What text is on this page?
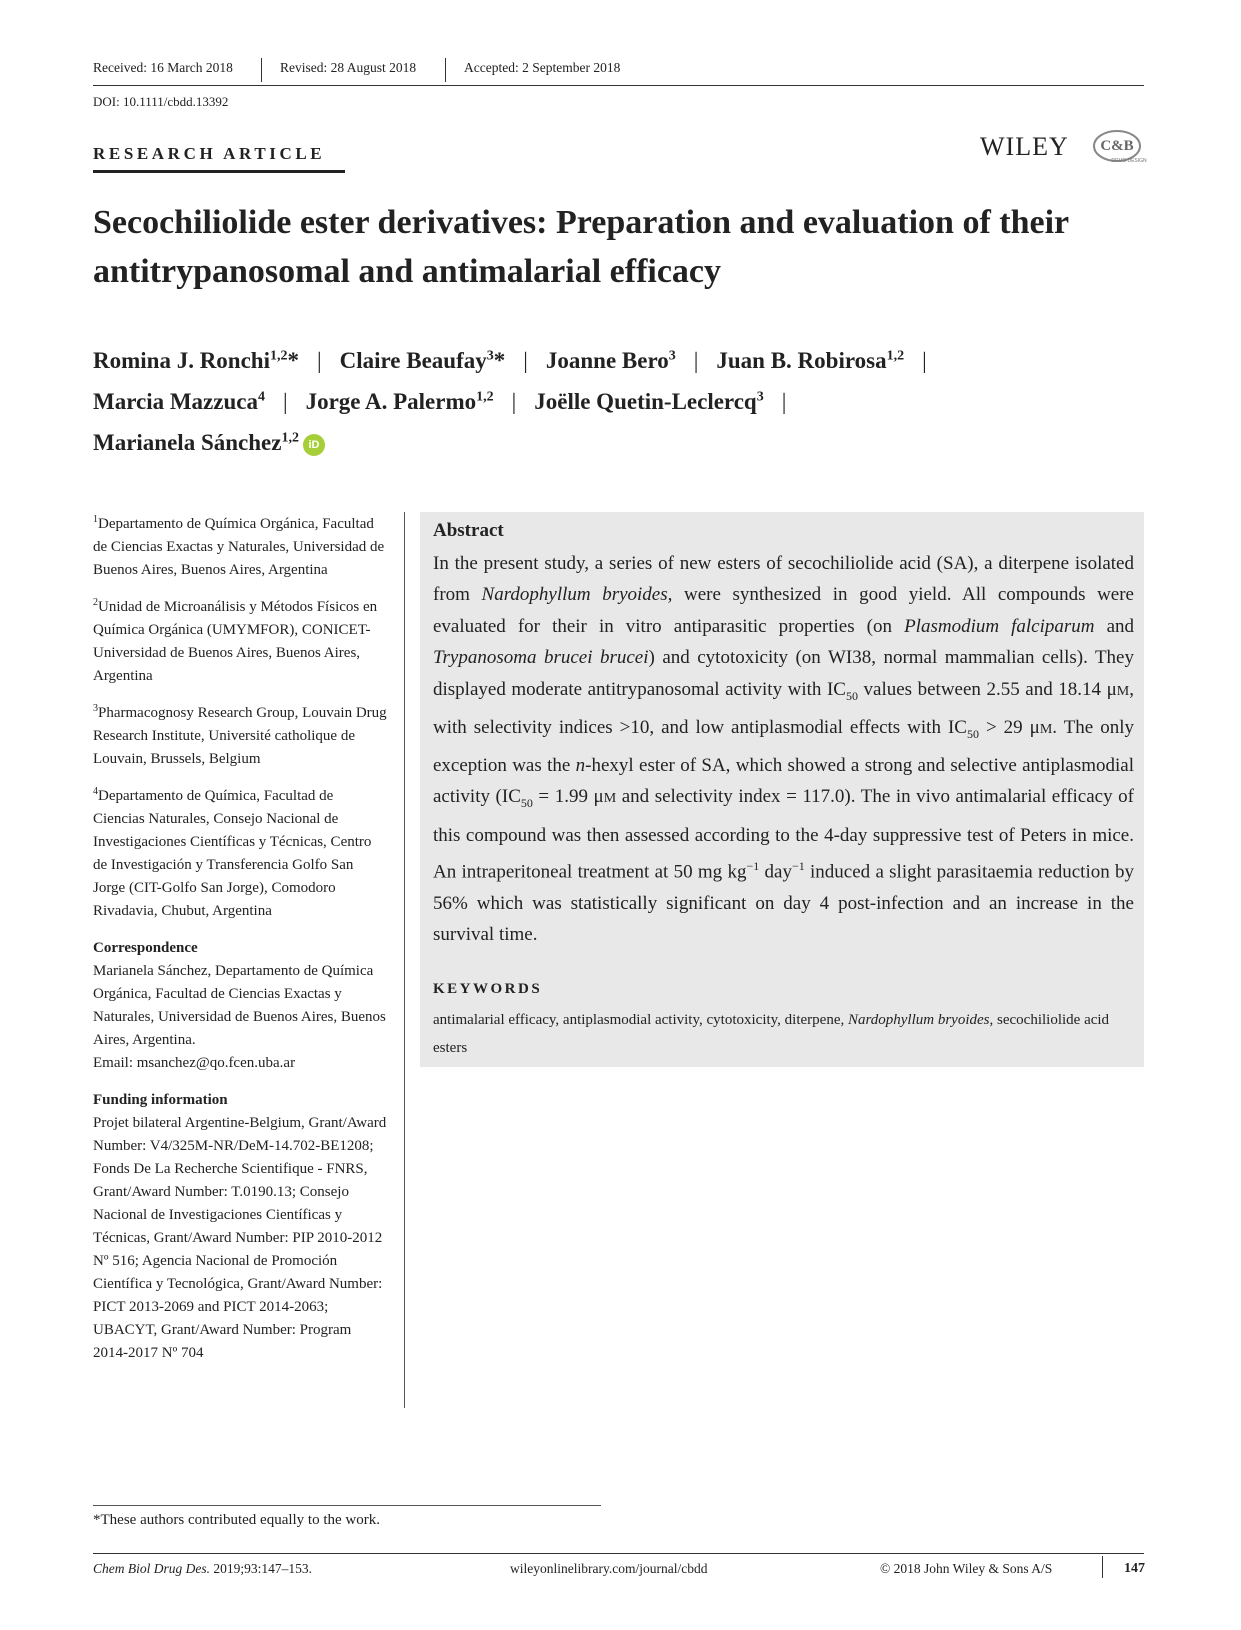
Received: 16 March 2018	Revised: 28 August 2018	Accepted: 2 September 2018
DOI: 10.1111/cbdd.13392
RESEARCH ARTICLE	WILEY C&B
DRUG DESIGN
Secochiliolide ester derivatives: Preparation and evaluation of their antitrypanosomal and antimalarial efficacy
Romina J. Ronchi$^{1,2}$* | Claire Beaufay$^3$* | Joanne Bero$^3$ | Juan B. Robirosa$^{1,2}$ |
Marcia Mazzuca$^4$ | Jorge A. Palermo$^{1,2}$ | Joëlle Quetin-Leclercq$^3$ |
Marianela Sánchez$^{1,2}$ iD

$^1$Departamento de Química Orgánica, Facultad de Ciencias Exactas y Naturales, Universidad de Buenos Aires, Buenos Aires, Argentina

$^2$Unidad de Microanálisis y Métodos Físicos en Química Orgánica (UMYMFOR), CONICET-Universidad de Buenos Aires, Buenos Aires, Argentina

$^3$Pharmacognosy Research Group, Louvain Drug Research Institute, Université catholique de Louvain, Brussels, Belgium

$^4$Departamento de Química, Facultad de Ciencias Naturales, Consejo Nacional de Investigaciones Científicas y Técnicas, Centro de Investigación y Transferencia Golfo San Jorge (CIT-Golfo San Jorge), Comodoro Rivadavia, Chubut, Argentina

Correspondence

Marianela Sánchez, Departamento de Química Orgánica, Facultad de Ciencias Exactas y Naturales, Universidad de Buenos Aires, Buenos Aires, Argentina.

Email: msanchez@qo.fcen.uba.ar

Funding information

Projet bilateral Argentine-Belgium, Grant/Award Number: V4/325M-NR/DeM-14.702-BE1208; Fonds De La Recherche Scientifique - FNRS, Grant/Award Number: T.0190.13; Consejo Nacional de Investigaciones Científicas y Técnicas, Grant/Award Number: PIP 2010-2012 Nº 516; Agencia Nacional de Promoción Científica y Tecnológica, Grant/Award Number: PICT 2013-2069 and PICT 2014-2063; UBACYT, Grant/Award Number: Program 2014-2017 Nº 704

Abstract
In the present study, a series of new esters of secochiliolide acid (SA), a diterpene isolated from Nardophyllum bryoides, were synthesized in good yield. All compounds were evaluated for their in vitro antiparasitic properties (on Plasmodium falciparum and Trypanosoma brucei brucei) and cytotoxicity (on WI38, normal mammalian cells). They displayed moderate antitrypanosomal activity with $IC_{50}$ values between 2.55 and 18.14 μM, with selectivity indices >10, and low antiplasmodial effects with $IC_{50} > 29$ μM. The only exception was the n-hexyl ester of SA, which showed a strong and selective antiplasmodial activity ($IC_{50} = 1.99$ μM and selectivity index = 117.0). The in vivo antimalarial efficacy of this compound was then assessed according to the 4-day suppressive test of Peters in mice. An intraperitoneal treatment at 50 mg $kg^{-1}$ day$^{-1}$ induced a slight parasitaemia reduction by 56% which was statistically significant on day 4 post-infection and an increase in the survival time.
KEYWORDS
antimalarial efficacy, antiplasmodial activity, cytotoxicity, diterpene, Nardophyllum bryoides, secochiliolide acid esters
*These authors contributed equally to the work.
Chem Biol Drug Des. 2019;93:147–153.	wileyonlinelibrary.com/journal/cbdd	© 2018 John Wiley & Sons A/S	147
